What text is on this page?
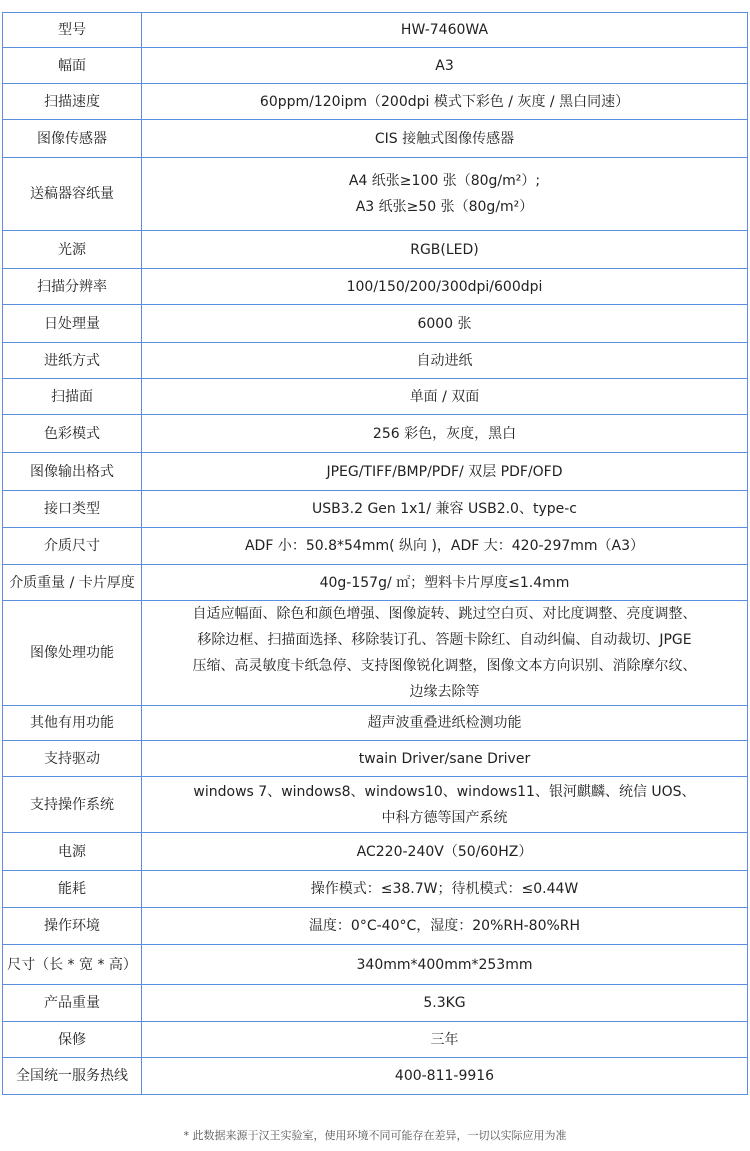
型号	HW-7460WA

幅面	A3

扫描速度	60ppm/120ipm（200dpi 模式下彩色 / 灰度 / 黑白同速）

图像传感器	CIS 接触式图像传感器

送稿器容纸量	A4 纸张≥100 张（80g/m²）;
A3 纸张≥50 张（80g/m²）

光源	RGB(LED)

扫描分辨率	100/150/200/300dpi/600dpi

日处理量	6000 张

进纸方式	自动进纸

扫描面	单面 / 双面

色彩模式	256 彩色，灰度，黑白

图像输出格式	JPEG/TIFF/BMP/PDF/ 双层 PDF/OFD

接口类型	USB3.2 Gen 1x1/ 兼容 USB2.0、type-c

介质尺寸	ADF 小：50.8*54mm( 纵向 )，ADF 大：420-297mm（A3）

介质重量 / 卡片厚度	40g-157g/ ㎡；塑料卡片厚度≤1.4mm

图像处理功能	自适应幅面、除色和颜色增强、图像旋转、跳过空白页、对比度调整、亮度调整、
移除边框、扫描面选择、移除装订孔、答题卡除红、自动纠偏、自动裁切、JPGE
压缩、高灵敏度卡纸急停、支持图像锐化调整，图像文本方向识别、消除摩尔纹、
边缘去除等

其他有用功能	超声波重叠进纸检测功能

支持驱动	twain Driver/sane Driver

支持操作系统	windows 7、windows8、windows10、windows11、银河麒麟、统信 UOS、
中科方德等国产系统

电源	AC220-240V（50/60HZ）

能耗	操作模式：≤38.7W；待机模式：≤0.44W

操作环境	温度：0°C-40°C，湿度：20%RH-80%RH

尺寸（长 * 宽 * 高）	340mm*400mm*253mm

产品重量	5.3KG

保修	三年

全国统一服务热线	400-811-9916
* 此数据来源于汉王实验室，使用环境不同可能存在差异，一切以实际应用为准
